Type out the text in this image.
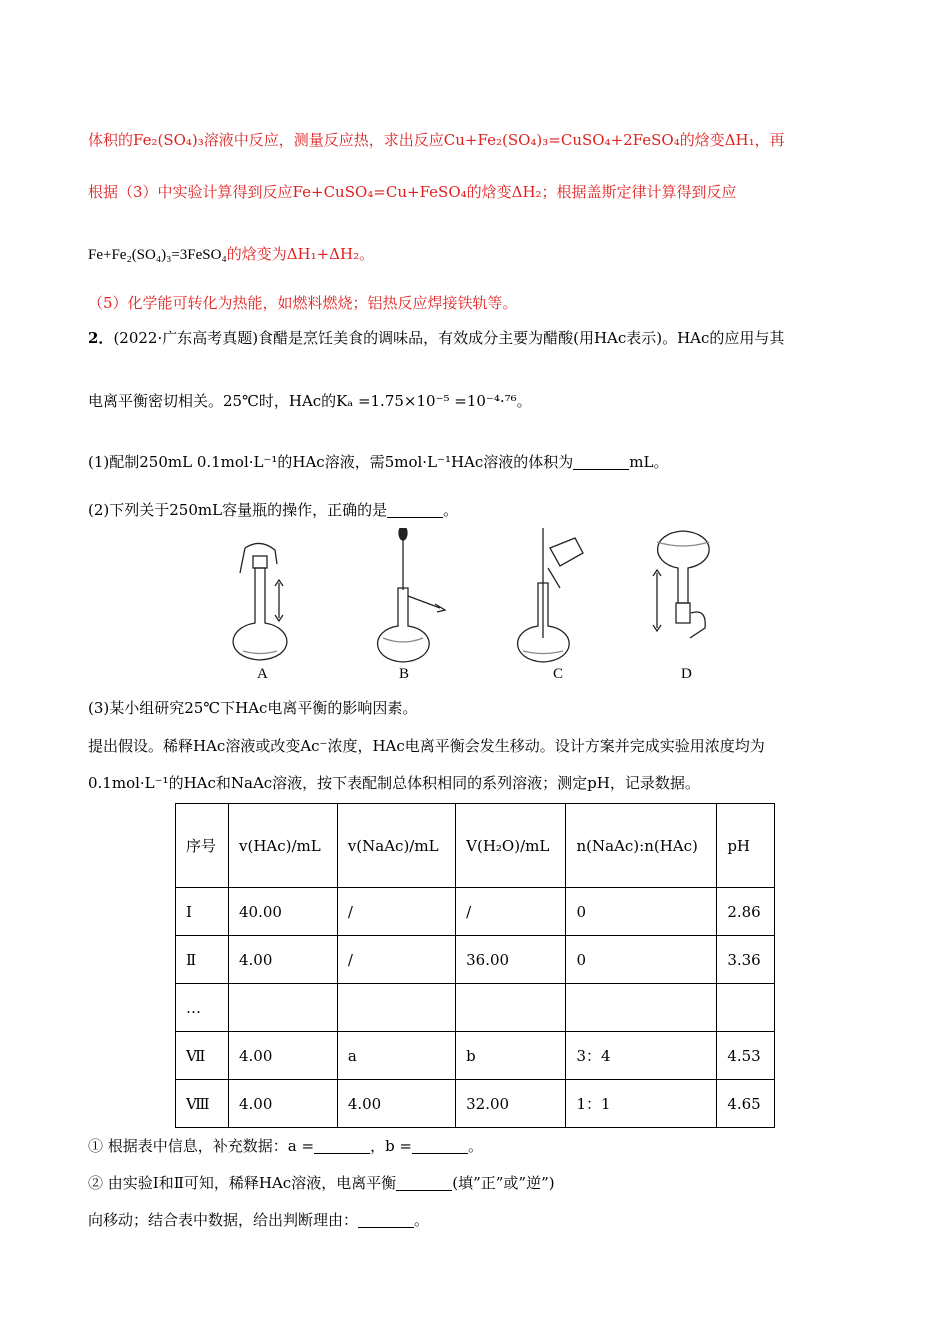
体积的Fe₂(SO₄)₃溶液中反应，测量反应热，求出反应Cu+Fe₂(SO₄)₃=CuSO₄+2FeSO₄的焓变ΔH₁，再
根据（3）中实验计算得到反应Fe+CuSO₄=Cu+FeSO₄的焓变ΔH₂；根据盖斯定律计算得到反应
Fe+Fe₂(SO₄)₃=3FeSO₄的焓变为ΔH₁+ΔH₂。
（5）化学能可转化为热能，如燃料燃烧；铝热反应焊接铁轨等。
2．(2022·广东高考真题)食醋是烹饪美食的调味品，有效成分主要为醋酸(用HAc表示)。HAc的应用与其
电离平衡密切相关。25℃时，HAc的Kₐ =1.75×10⁻⁵ =10⁻⁴·⁷⁶。
(1)配制250mL 0.1mol·L⁻¹的HAc溶液，需5mol·L⁻¹HAc溶液的体积为	mL。
(2)下列关于250mL容量瓶的操作，正确的是	。
A	B	C	D
(3)某小组研究25℃下HAc电离平衡的影响因素。
提出假设。稀释HAc溶液或改变Ac⁻浓度，HAc电离平衡会发生移动。设计方案并完成实验用浓度均为
0.1mol·L⁻¹的HAc和NaAc溶液，按下表配制总体积相同的系列溶液；测定pH，记录数据。
序号	v(HAc)/mL	v(NaAc)/mL	V(H₂O)/mL	n(NaAc):n(HAc)	pH
Ⅰ	40.00	/	/	0	2.86
Ⅱ	4.00	/	36.00	0	3.36
…					
Ⅶ	4.00	a	b	3：4	4.53
Ⅷ	4.00	4.00	32.00	1：1	4.65
① 根据表中信息，补充数据：a =	，b =	。
② 由实验Ⅰ和Ⅱ可知，稀释HAc溶液，电离平衡	(填”正”或”逆”)
向移动；结合表中数据，给出判断理由：	。
